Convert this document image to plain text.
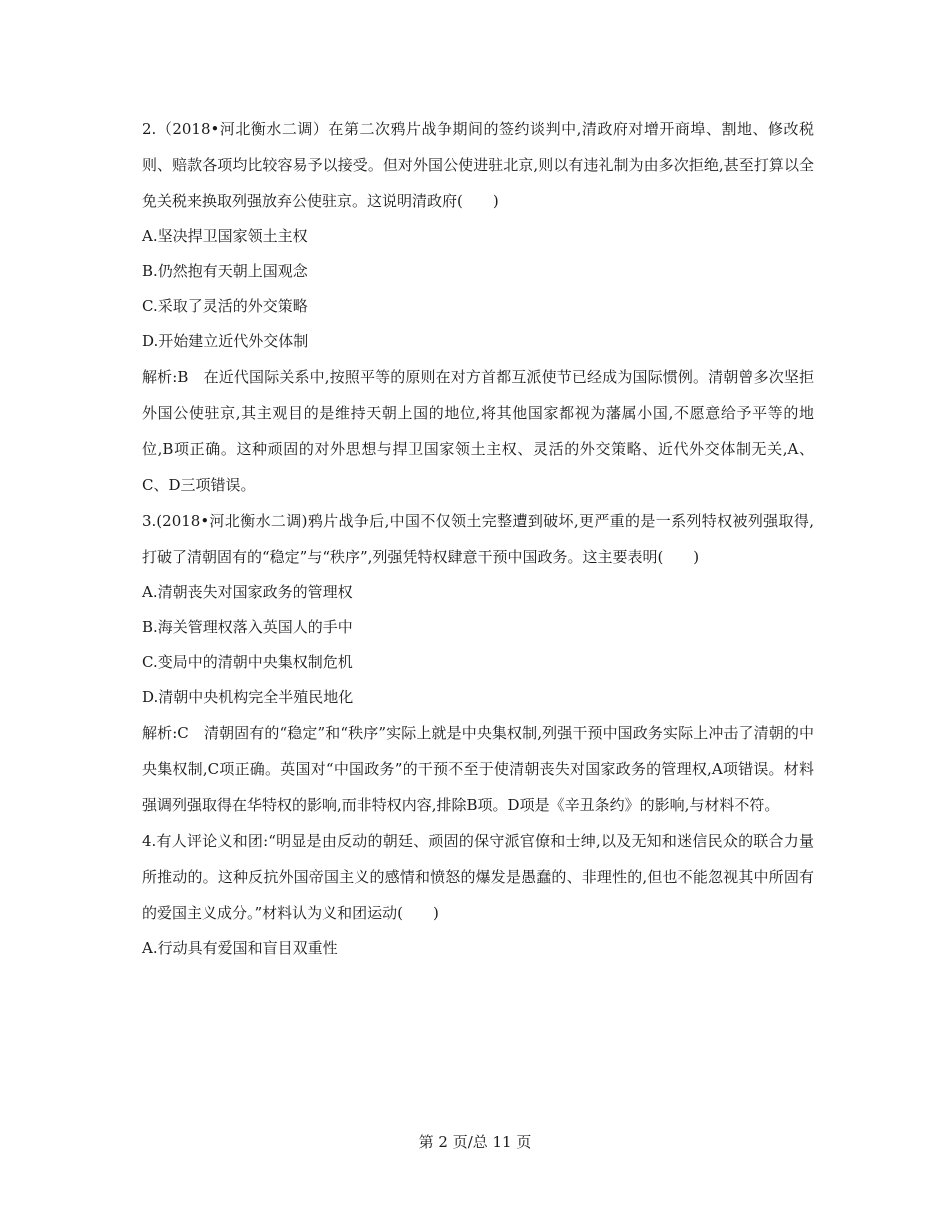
2.（2018•河北衡水二调）在第二次鸦片战争期间的签约谈判中,清政府对增开商埠、割地、修改税则、赔款各项均比较容易予以接受。但对外国公使进驻北京,则以有违礼制为由多次拒绝,甚至打算以全免关税来换取列强放弃公使驻京。这说明清政府(　　)

A.坚决捍卫国家领土主权

B.仍然抱有天朝上国观念

C.采取了灵活的外交策略

D.开始建立近代外交体制

解析:B　在近代国际关系中,按照平等的原则在对方首都互派使节已经成为国际惯例。清朝曾多次坚拒外国公使驻京,其主观目的是维持天朝上国的地位,将其他国家都视为藩属小国,不愿意给予平等的地位,B项正确。这种顽固的对外思想与捍卫国家领土主权、灵活的外交策略、近代外交体制无关,A、C、D三项错误。

3.(2018•河北衡水二调)鸦片战争后,中国不仅领土完整遭到破坏,更严重的是一系列特权被列强取得,打破了清朝固有的“稳定”与“秩序”,列强凭特权肆意干预中国政务。这主要表明(　　)

A.清朝丧失对国家政务的管理权

B.海关管理权落入英国人的手中

C.变局中的清朝中央集权制危机

D.清朝中央机构完全半殖民地化

解析:C　清朝固有的“稳定”和“秩序”实际上就是中央集权制,列强干预中国政务实际上冲击了清朝的中央集权制,C项正确。英国对“中国政务”的干预不至于使清朝丧失对国家政务的管理权,A项错误。材料强调列强取得在华特权的影响,而非特权内容,排除B项。D项是《辛丑条约》的影响,与材料不符。

4.有人评论义和团:“明显是由反动的朝廷、顽固的保守派官僚和士绅,以及无知和迷信民众的联合力量所推动的。这种反抗外国帝国主义的感情和愤怒的爆发是愚蠢的、非理性的,但也不能忽视其中所固有的爱国主义成分。”材料认为义和团运动(　　)

A.行动具有爱国和盲目双重性

第 2 页/总 11 页
